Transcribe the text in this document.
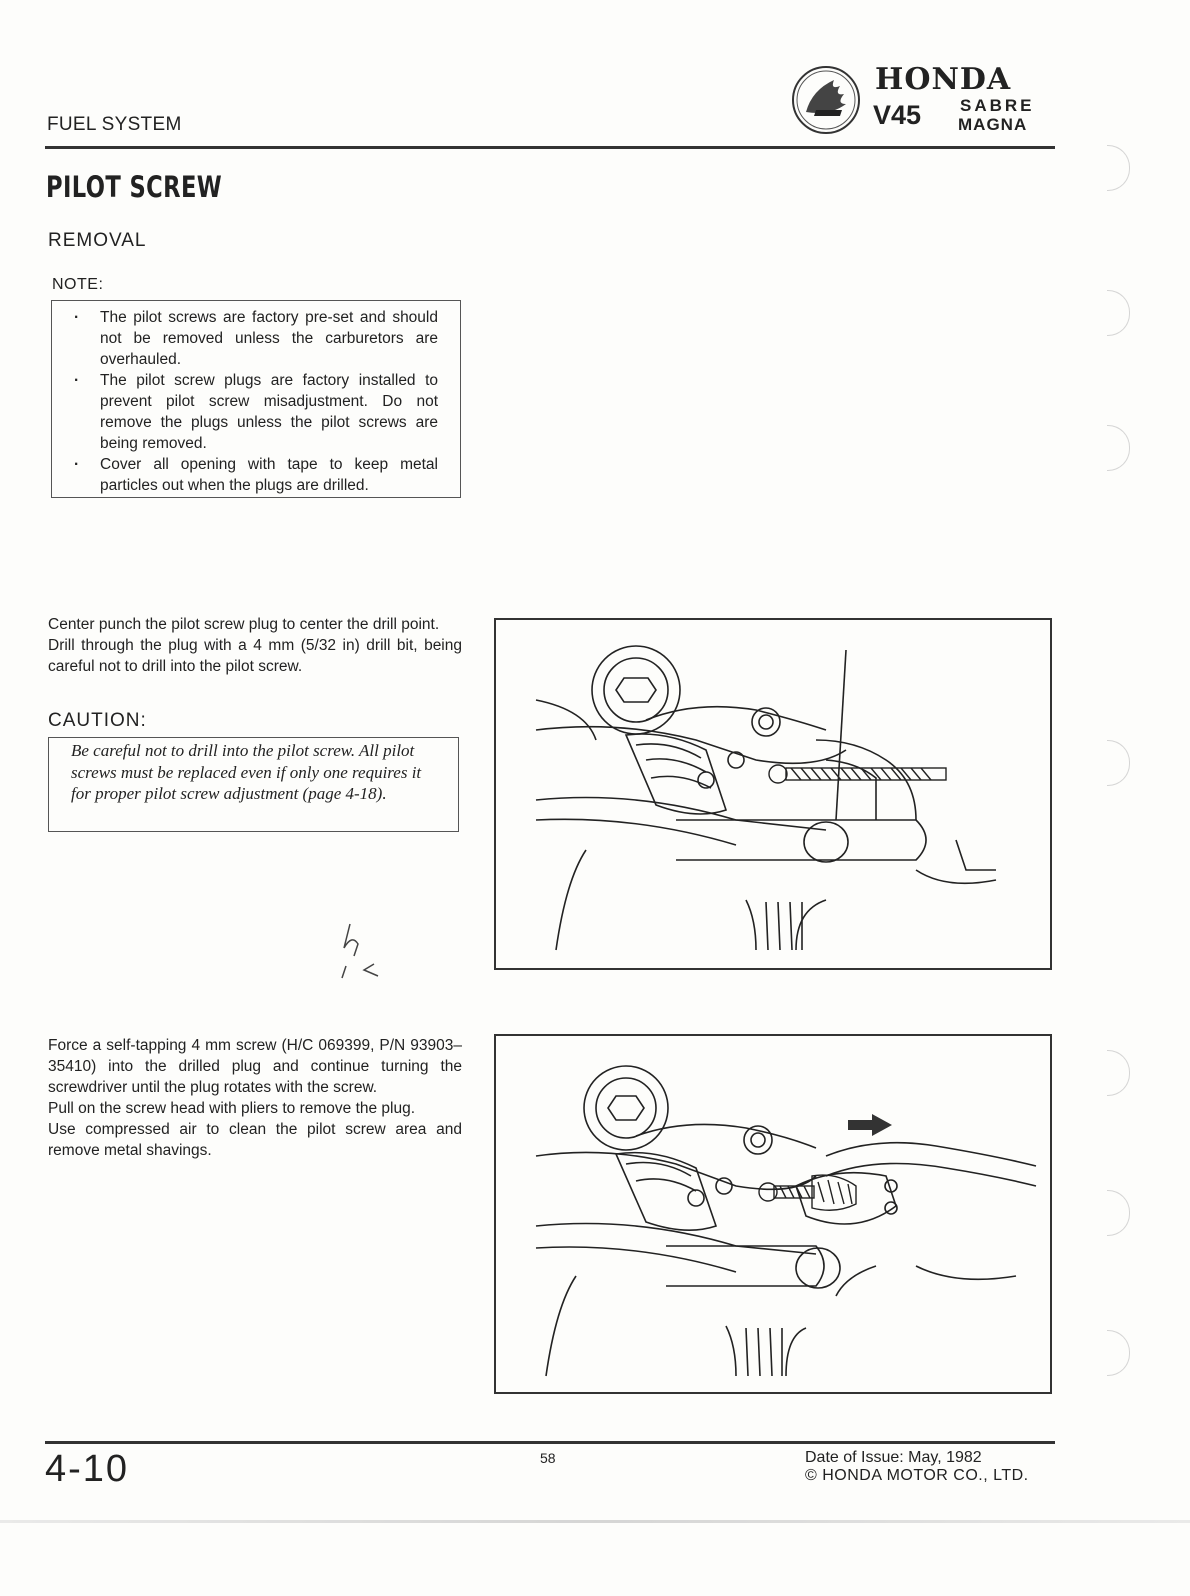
FUEL SYSTEM
HONDA
V45 SABRE
MAGNA
PILOT SCREW
REMOVAL
NOTE:
· The pilot screws are factory pre-set and should not be removed unless the carburetors are overhauled.
· The pilot screw plugs are factory installed to prevent pilot screw misadjustment. Do not remove the plugs unless the pilot screws are being removed.
· Cover all opening with tape to keep metal particles out when the plugs are drilled.
Center punch the pilot screw plug to center the drill point.
Drill through the plug with a 4 mm (5/32 in) drill bit, being careful not to drill into the pilot screw.
CAUTION:
Be careful not to drill into the pilot screw. All pilot screws must be replaced even if only one requires it for proper pilot screw adjustment (page 4-18).
Force a self-tapping 4 mm screw (H/C 069399, P/N 93903–35410) into the drilled plug and continue turning the screwdriver until the plug rotates with the screw.
Pull on the screw head with pliers to remove the plug.
Use compressed air to clean the pilot screw area and remove metal shavings.
4-10	58	Date of Issue: May, 1982
© HONDA MOTOR CO., LTD.
